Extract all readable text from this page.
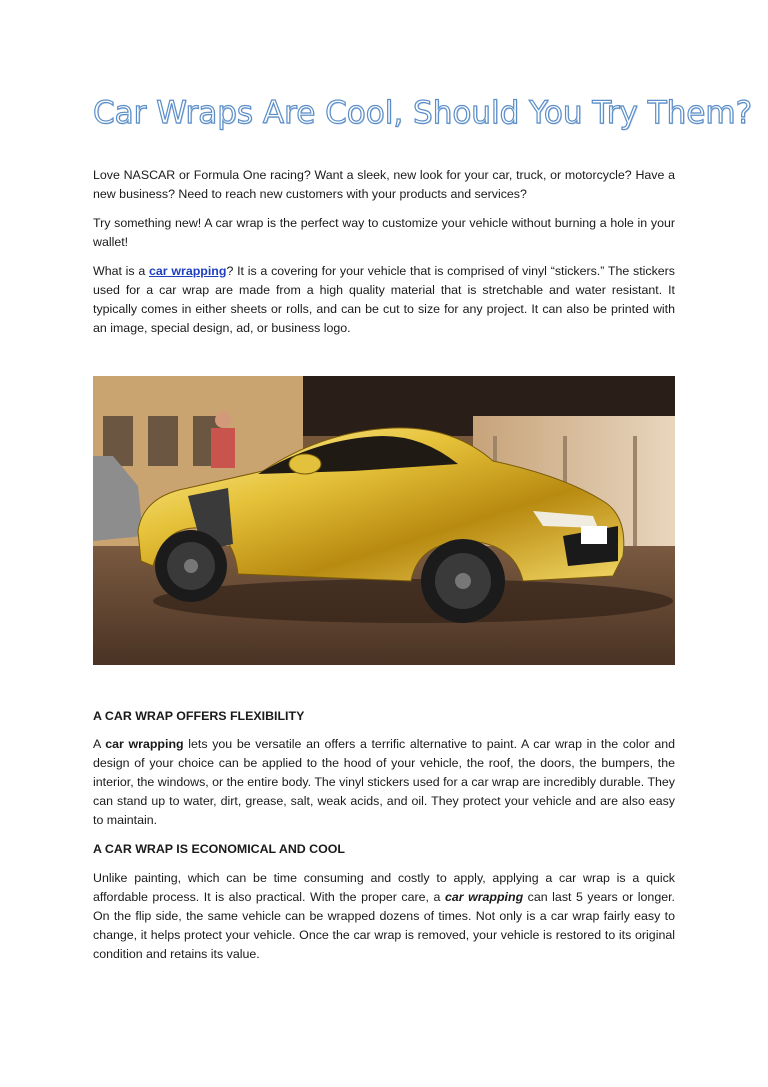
Car Wraps Are Cool, Should You Try Them?

Love NASCAR or Formula One racing? Want a sleek, new look for your car, truck, or motorcycle? Have a new business? Need to reach new customers with your products and services?

Try something new! A car wrap is the perfect way to customize your vehicle without burning a hole in your wallet!

What is a car wrapping? It is a covering for your vehicle that is comprised of vinyl “stickers.” The stickers used for a car wrap are made from a high quality material that is stretchable and water resistant. It typically comes in either sheets or rolls, and can be cut to size for any project. It can also be printed with an image, special design, ad, or business logo.

A CAR WRAP OFFERS FLEXIBILITY

A car wrapping lets you be versatile an offers a terrific alternative to paint. A car wrap in the color and design of your choice can be applied to the hood of your vehicle, the roof, the doors, the bumpers, the interior, the windows, or the entire body. The vinyl stickers used for a car wrap are incredibly durable. They can stand up to water, dirt, grease, salt, weak acids, and oil. They protect your vehicle and are also easy to maintain.

A CAR WRAP IS ECONOMICAL AND COOL

Unlike painting, which can be time consuming and costly to apply, applying a car wrap is a quick affordable process. It is also practical. With the proper care, a car wrapping can last 5 years or longer. On the flip side, the same vehicle can be wrapped dozens of times. Not only is a car wrap fairly easy to change, it helps protect your vehicle. Once the car wrap is removed, your vehicle is restored to its original condition and retains its value.
